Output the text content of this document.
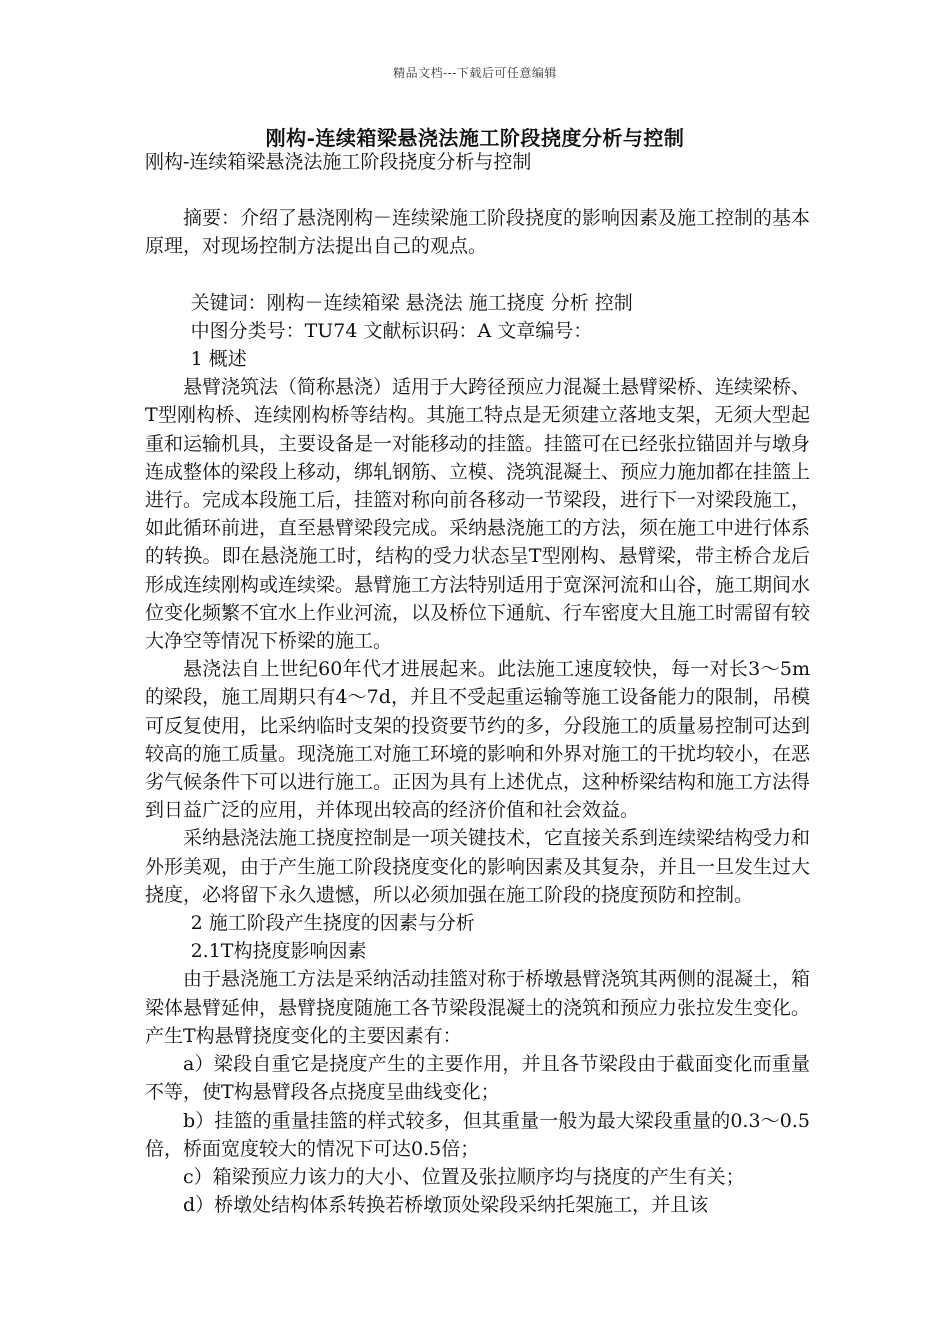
精品文档---下载后可任意编辑
刚构-连续箱梁悬浇法施工阶段挠度分析与控制

刚构-连续箱梁悬浇法施工阶段挠度分析与控制

摘要：介绍了悬浇刚构－连续梁施工阶段挠度的影响因素及施工控制的基本原理，对现场控制方法提出自己的观点。

关键词：刚构－连续箱梁 悬浇法 施工挠度 分析 控制

中图分类号：TU74 文献标识码：A 文章编号：

1 概述

悬臂浇筑法（简称悬浇）适用于大跨径预应力混凝土悬臂梁桥、连续梁桥、T型刚构桥、连续刚构桥等结构。其施工特点是无须建立落地支架，无须大型起重和运输机具，主要设备是一对能移动的挂篮。挂篮可在已经张拉锚固并与墩身连成整体的梁段上移动，绑轧钢筋、立模、浇筑混凝土、预应力施加都在挂篮上进行。完成本段施工后，挂篮对称向前各移动一节梁段，进行下一对梁段施工，如此循环前进，直至悬臂梁段完成。采纳悬浇施工的方法，须在施工中进行体系的转换。即在悬浇施工时，结构的受力状态呈T型刚构、悬臂梁，带主桥合龙后形成连续刚构或连续梁。悬臂施工方法特别适用于宽深河流和山谷，施工期间水位变化频繁不宜水上作业河流，以及桥位下通航、行车密度大且施工时需留有较大净空等情况下桥梁的施工。

悬浇法自上世纪60年代才进展起来。此法施工速度较快，每一对长3～5m的梁段，施工周期只有4～7d，并且不受起重运输等施工设备能力的限制，吊模可反复使用，比采纳临时支架的投资要节约的多，分段施工的质量易控制可达到较高的施工质量。现浇施工对施工环境的影响和外界对施工的干扰均较小，在恶劣气候条件下可以进行施工。正因为具有上述优点，这种桥梁结构和施工方法得到日益广泛的应用，并体现出较高的经济价值和社会效益。

采纳悬浇法施工挠度控制是一项关键技术，它直接关系到连续梁结构受力和外形美观，由于产生施工阶段挠度变化的影响因素及其复杂，并且一旦发生过大挠度，必将留下永久遗憾，所以必须加强在施工阶段的挠度预防和控制。

2 施工阶段产生挠度的因素与分析

2.1T构挠度影响因素

由于悬浇施工方法是采纳活动挂篮对称于桥墩悬臂浇筑其两侧的混凝土，箱梁体悬臂延伸，悬臂挠度随施工各节梁段混凝土的浇筑和预应力张拉发生变化。产生T构悬臂挠度变化的主要因素有：

a）梁段自重它是挠度产生的主要作用，并且各节梁段由于截面变化而重量不等，使T构悬臂段各点挠度呈曲线变化；

b）挂篮的重量挂篮的样式较多，但其重量一般为最大梁段重量的0.3～0.5倍，桥面宽度较大的情况下可达0.5倍；

c）箱梁预应力该力的大小、位置及张拉顺序均与挠度的产生有关；

d）桥墩处结构体系转换若桥墩顶处梁段采纳托架施工，并且该
